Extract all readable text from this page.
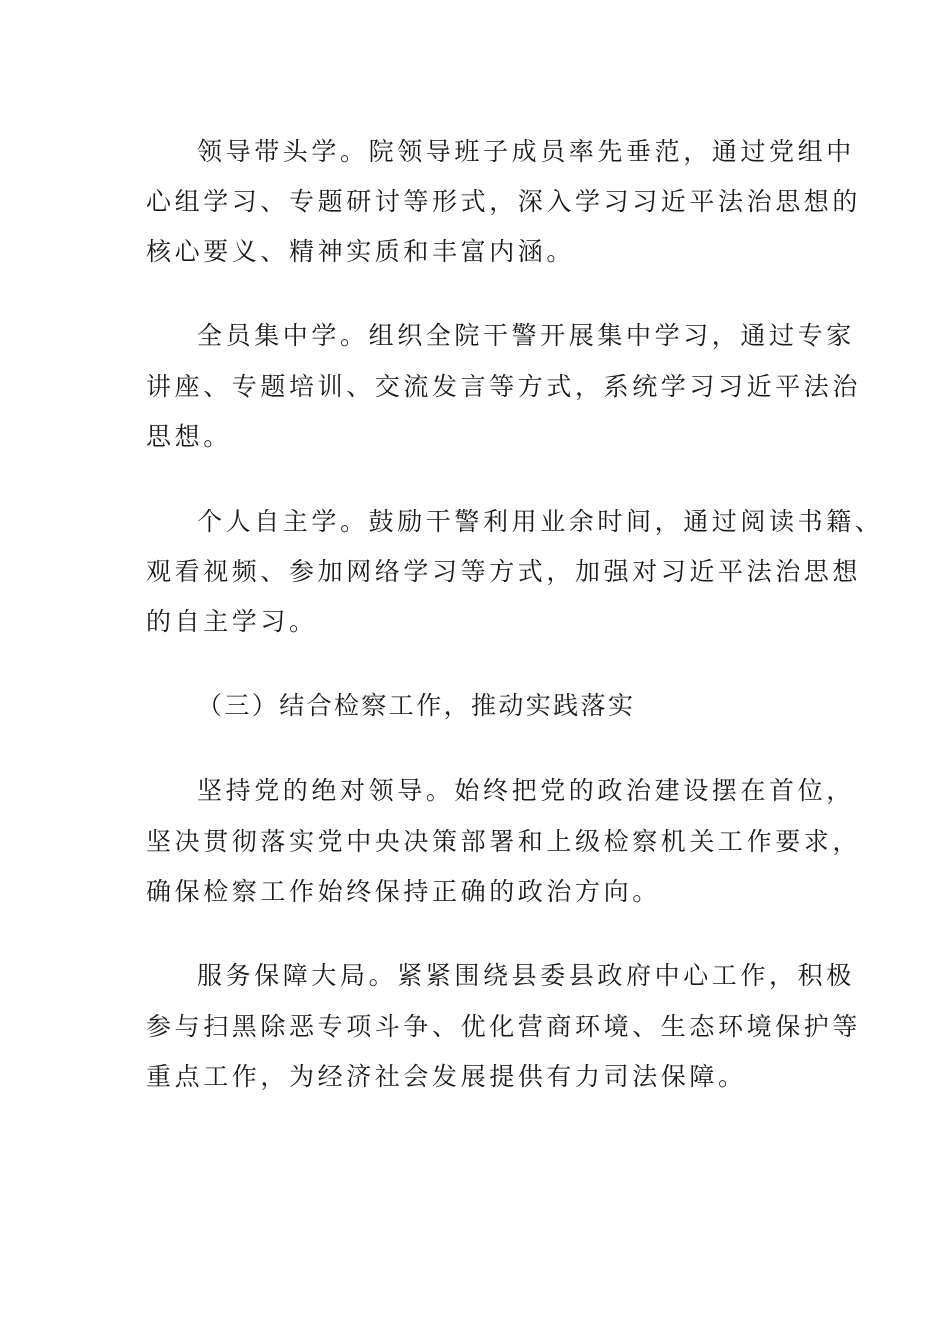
领导带头学。院领导班子成员率先垂范，通过党组中
心组学习、专题研讨等形式，深入学习习近平法治思想的
核心要义、精神实质和丰富内涵。
全员集中学。组织全院干警开展集中学习，通过专家
讲座、专题培训、交流发言等方式，系统学习习近平法治
思想。
个人自主学。鼓励干警利用业余时间，通过阅读书籍、
观看视频、参加网络学习等方式，加强对习近平法治思想
的自主学习。
（三）结合检察工作，推动实践落实
坚持党的绝对领导。始终把党的政治建设摆在首位，
坚决贯彻落实党中央决策部署和上级检察机关工作要求，
确保检察工作始终保持正确的政治方向。
服务保障大局。紧紧围绕县委县政府中心工作，积极
参与扫黑除恶专项斗争、优化营商环境、生态环境保护等
重点工作，为经济社会发展提供有力司法保障。
